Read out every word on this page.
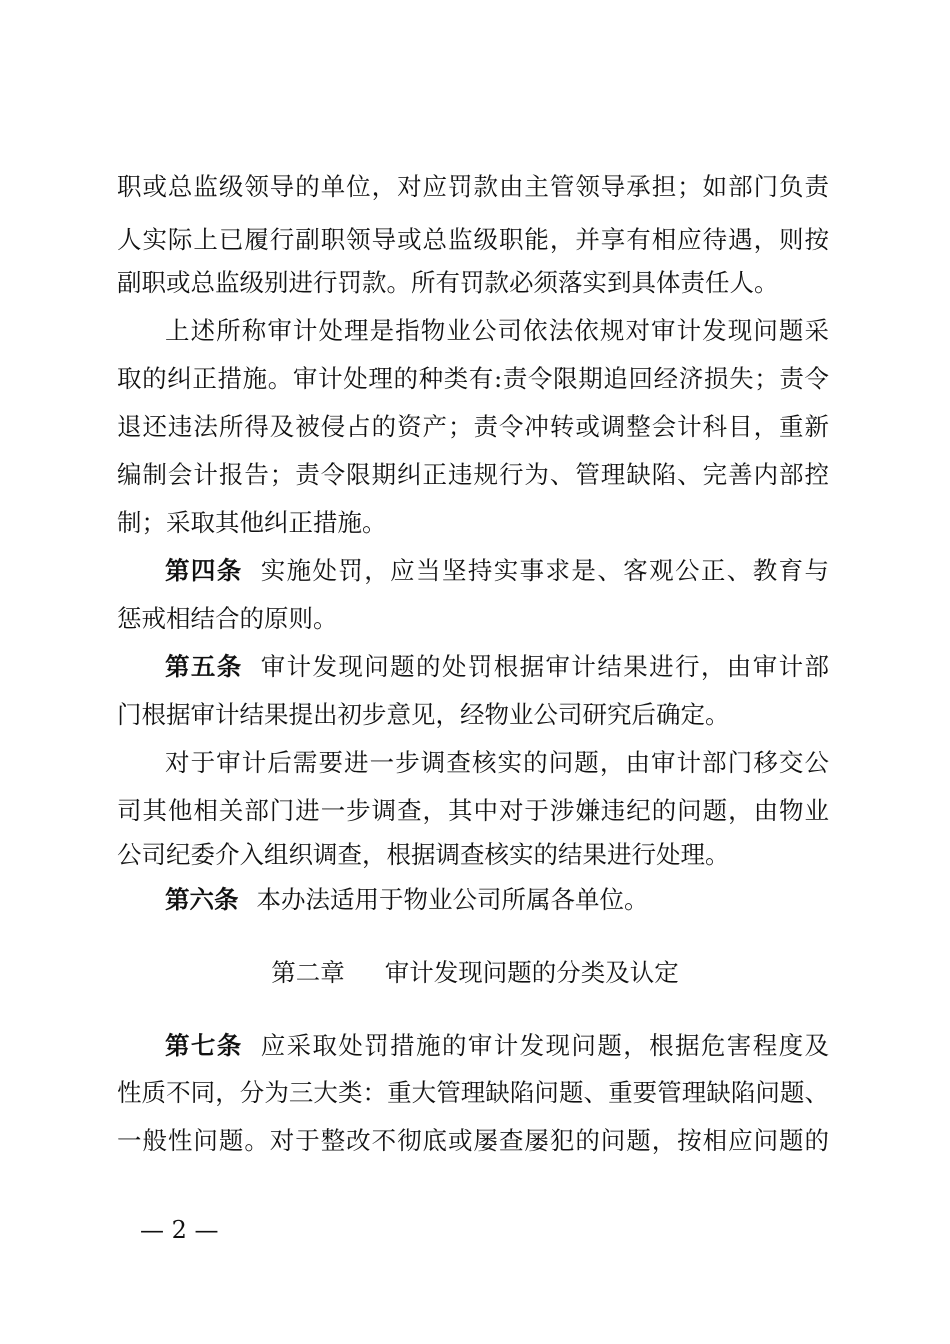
职或总监级领导的单位，对应罚款由主管领导承担；如部门负责
人实际上已履行副职领导或总监级职能，并享有相应待遇，则按
副职或总监级别进行罚款。所有罚款必须落实到具体责任人。
上述所称审计处理是指物业公司依法依规对审计发现问题采
取的纠正措施。审计处理的种类有:责令限期追回经济损失；责令
退还违法所得及被侵占的资产；责令冲转或调整会计科目，重新
编制会计报告；责令限期纠正违规行为、管理缺陷、完善内部控
制；采取其他纠正措施。
第四条 实施处罚，应当坚持实事求是、客观公正、教育与
惩戒相结合的原则。
第五条 审计发现问题的处罚根据审计结果进行，由审计部
门根据审计结果提出初步意见，经物业公司研究后确定。
对于审计后需要进一步调查核实的问题，由审计部门移交公
司其他相关部门进一步调查，其中对于涉嫌违纪的问题，由物业
公司纪委介入组织调查，根据调查核实的结果进行处理。
第六条 本办法适用于物业公司所属各单位。
第二章 审计发现问题的分类及认定
第七条 应采取处罚措施的审计发现问题，根据危害程度及
性质不同，分为三大类：重大管理缺陷问题、重要管理缺陷问题、
一般性问题。对于整改不彻底或屡查屡犯的问题，按相应问题的
— 2 —
